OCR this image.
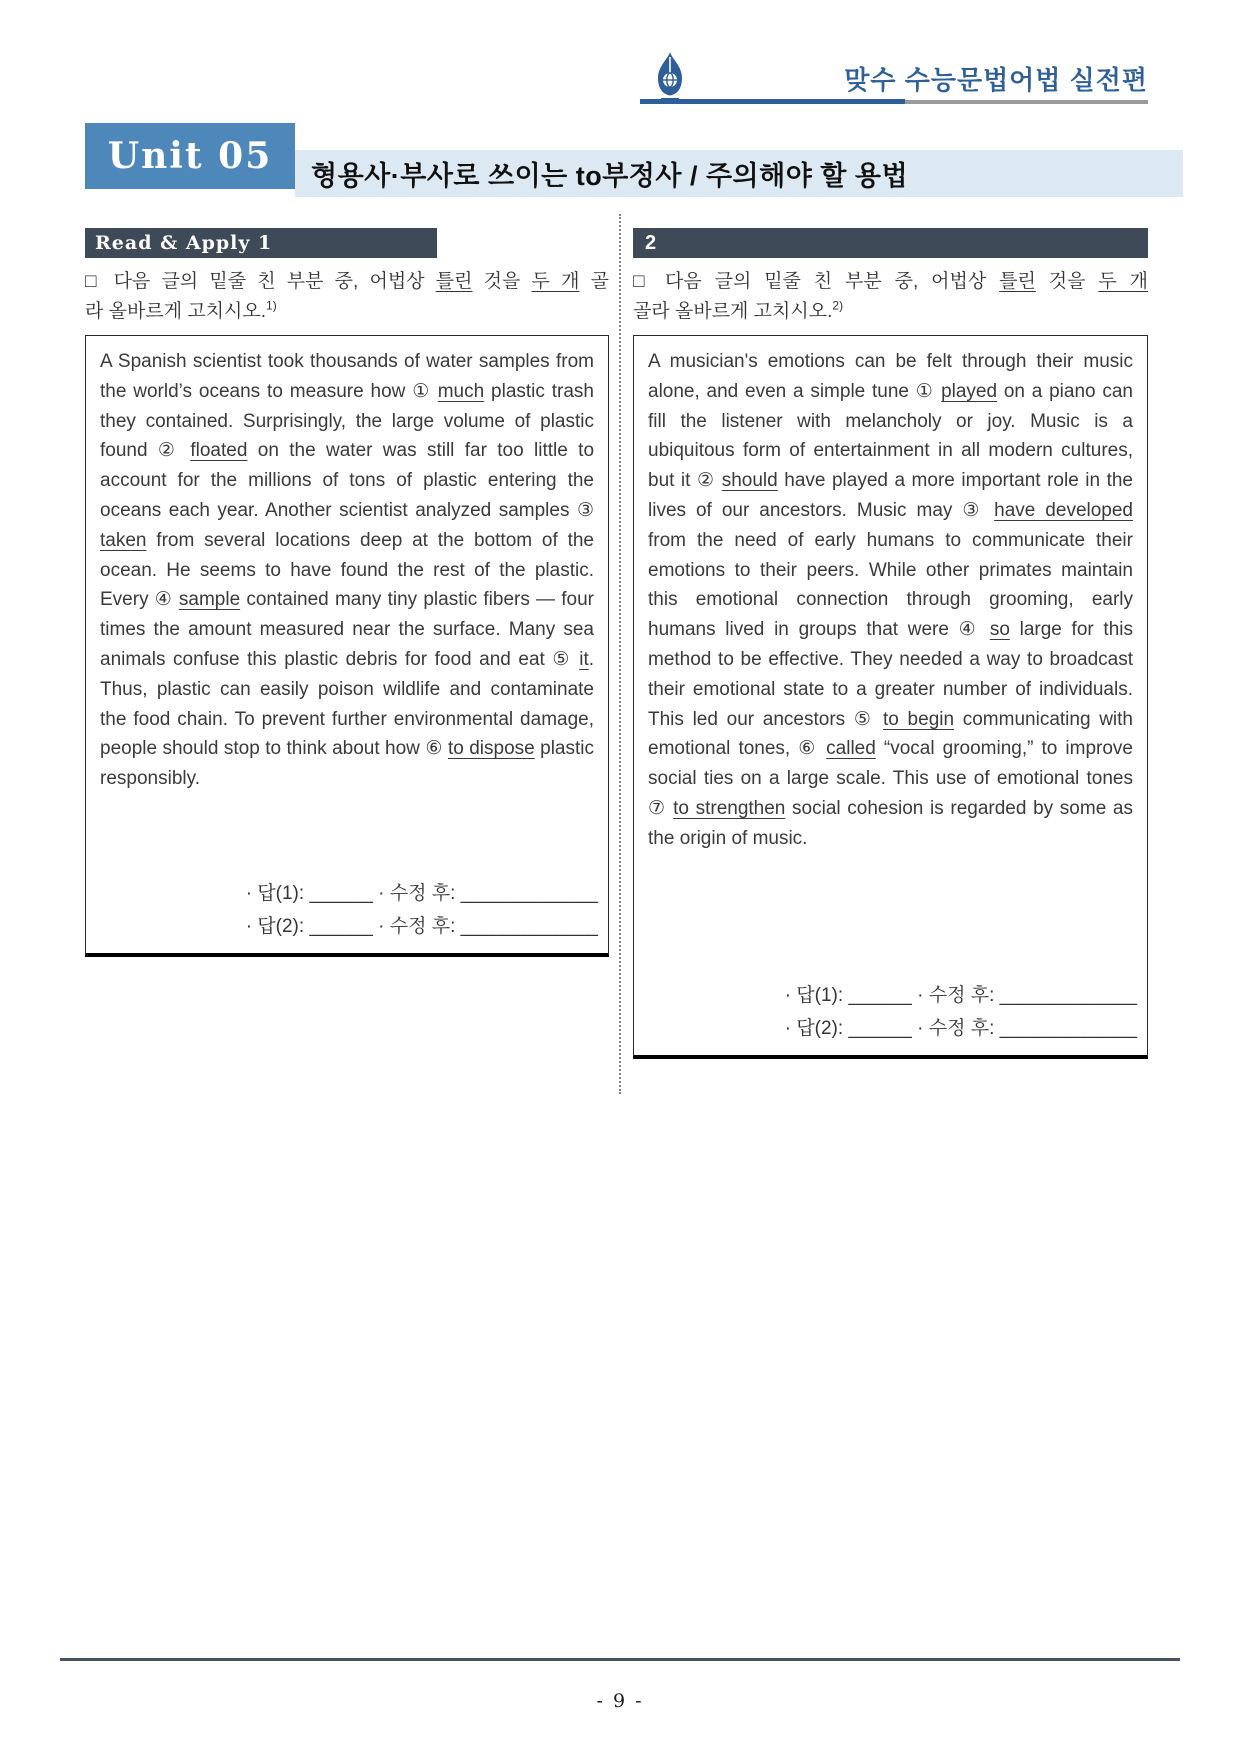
맞수 수능문법어법 실전편
형용사·부사로 쓰이는 to부정사 / 주의해야 할 용법
Unit 05
Read & Apply 1
□ 다음 글의 밑줄 친 부분 중, 어법상 틀린 것을 두 개 골
라 올바르게 고치시오.$^{1)}$

A Spanish scientist took thousands of water samples from the world’s oceans to measure how ① much plastic trash they contained. Surprisingly, the large volume of plastic found ② floated on the water was still far too little to account for the millions of tons of plastic entering the oceans each year. Another scientist analyzed samples ③ taken from several locations deep at the bottom of the ocean. He seems to have found the rest of the plastic. Every ④ sample contained many tiny plastic fibers — four times the amount measured near the surface. Many sea animals confuse this plastic debris for food and eat ⑤ it. Thus, plastic can easily poison wildlife and contaminate the food chain. To prevent further environmental damage, people should stop to think about how ⑥ to dispose plastic responsibly.

· 답(1): ______ · 수정 후: _____________
· 답(2): ______ · 수정 후: _____________
2
□ 다음 글의 밑줄 친 부분 중, 어법상 틀린 것을 두 개
골라 올바르게 고치시오.$^{2)}$

A musician's emotions can be felt through their music alone, and even a simple tune ① played on a piano can fill the listener with melancholy or joy. Music is a ubiquitous form of entertainment in all modern cultures, but it ② should have played a more important role in the lives of our ancestors. Music may ③ have developed from the need of early humans to communicate their emotions to their peers. While other primates maintain this emotional connection through grooming, early humans lived in groups that were ④ so large for this method to be effective. They needed a way to broadcast their emotional state to a greater number of individuals. This led our ancestors ⑤ to begin communicating with emotional tones, ⑥ called “vocal grooming,” to improve social ties on a large scale. This use of emotional tones ⑦ to strengthen social cohesion is regarded by some as the origin of music.

· 답(1): ______ · 수정 후: _____________
· 답(2): ______ · 수정 후: _____________
- 9 -
